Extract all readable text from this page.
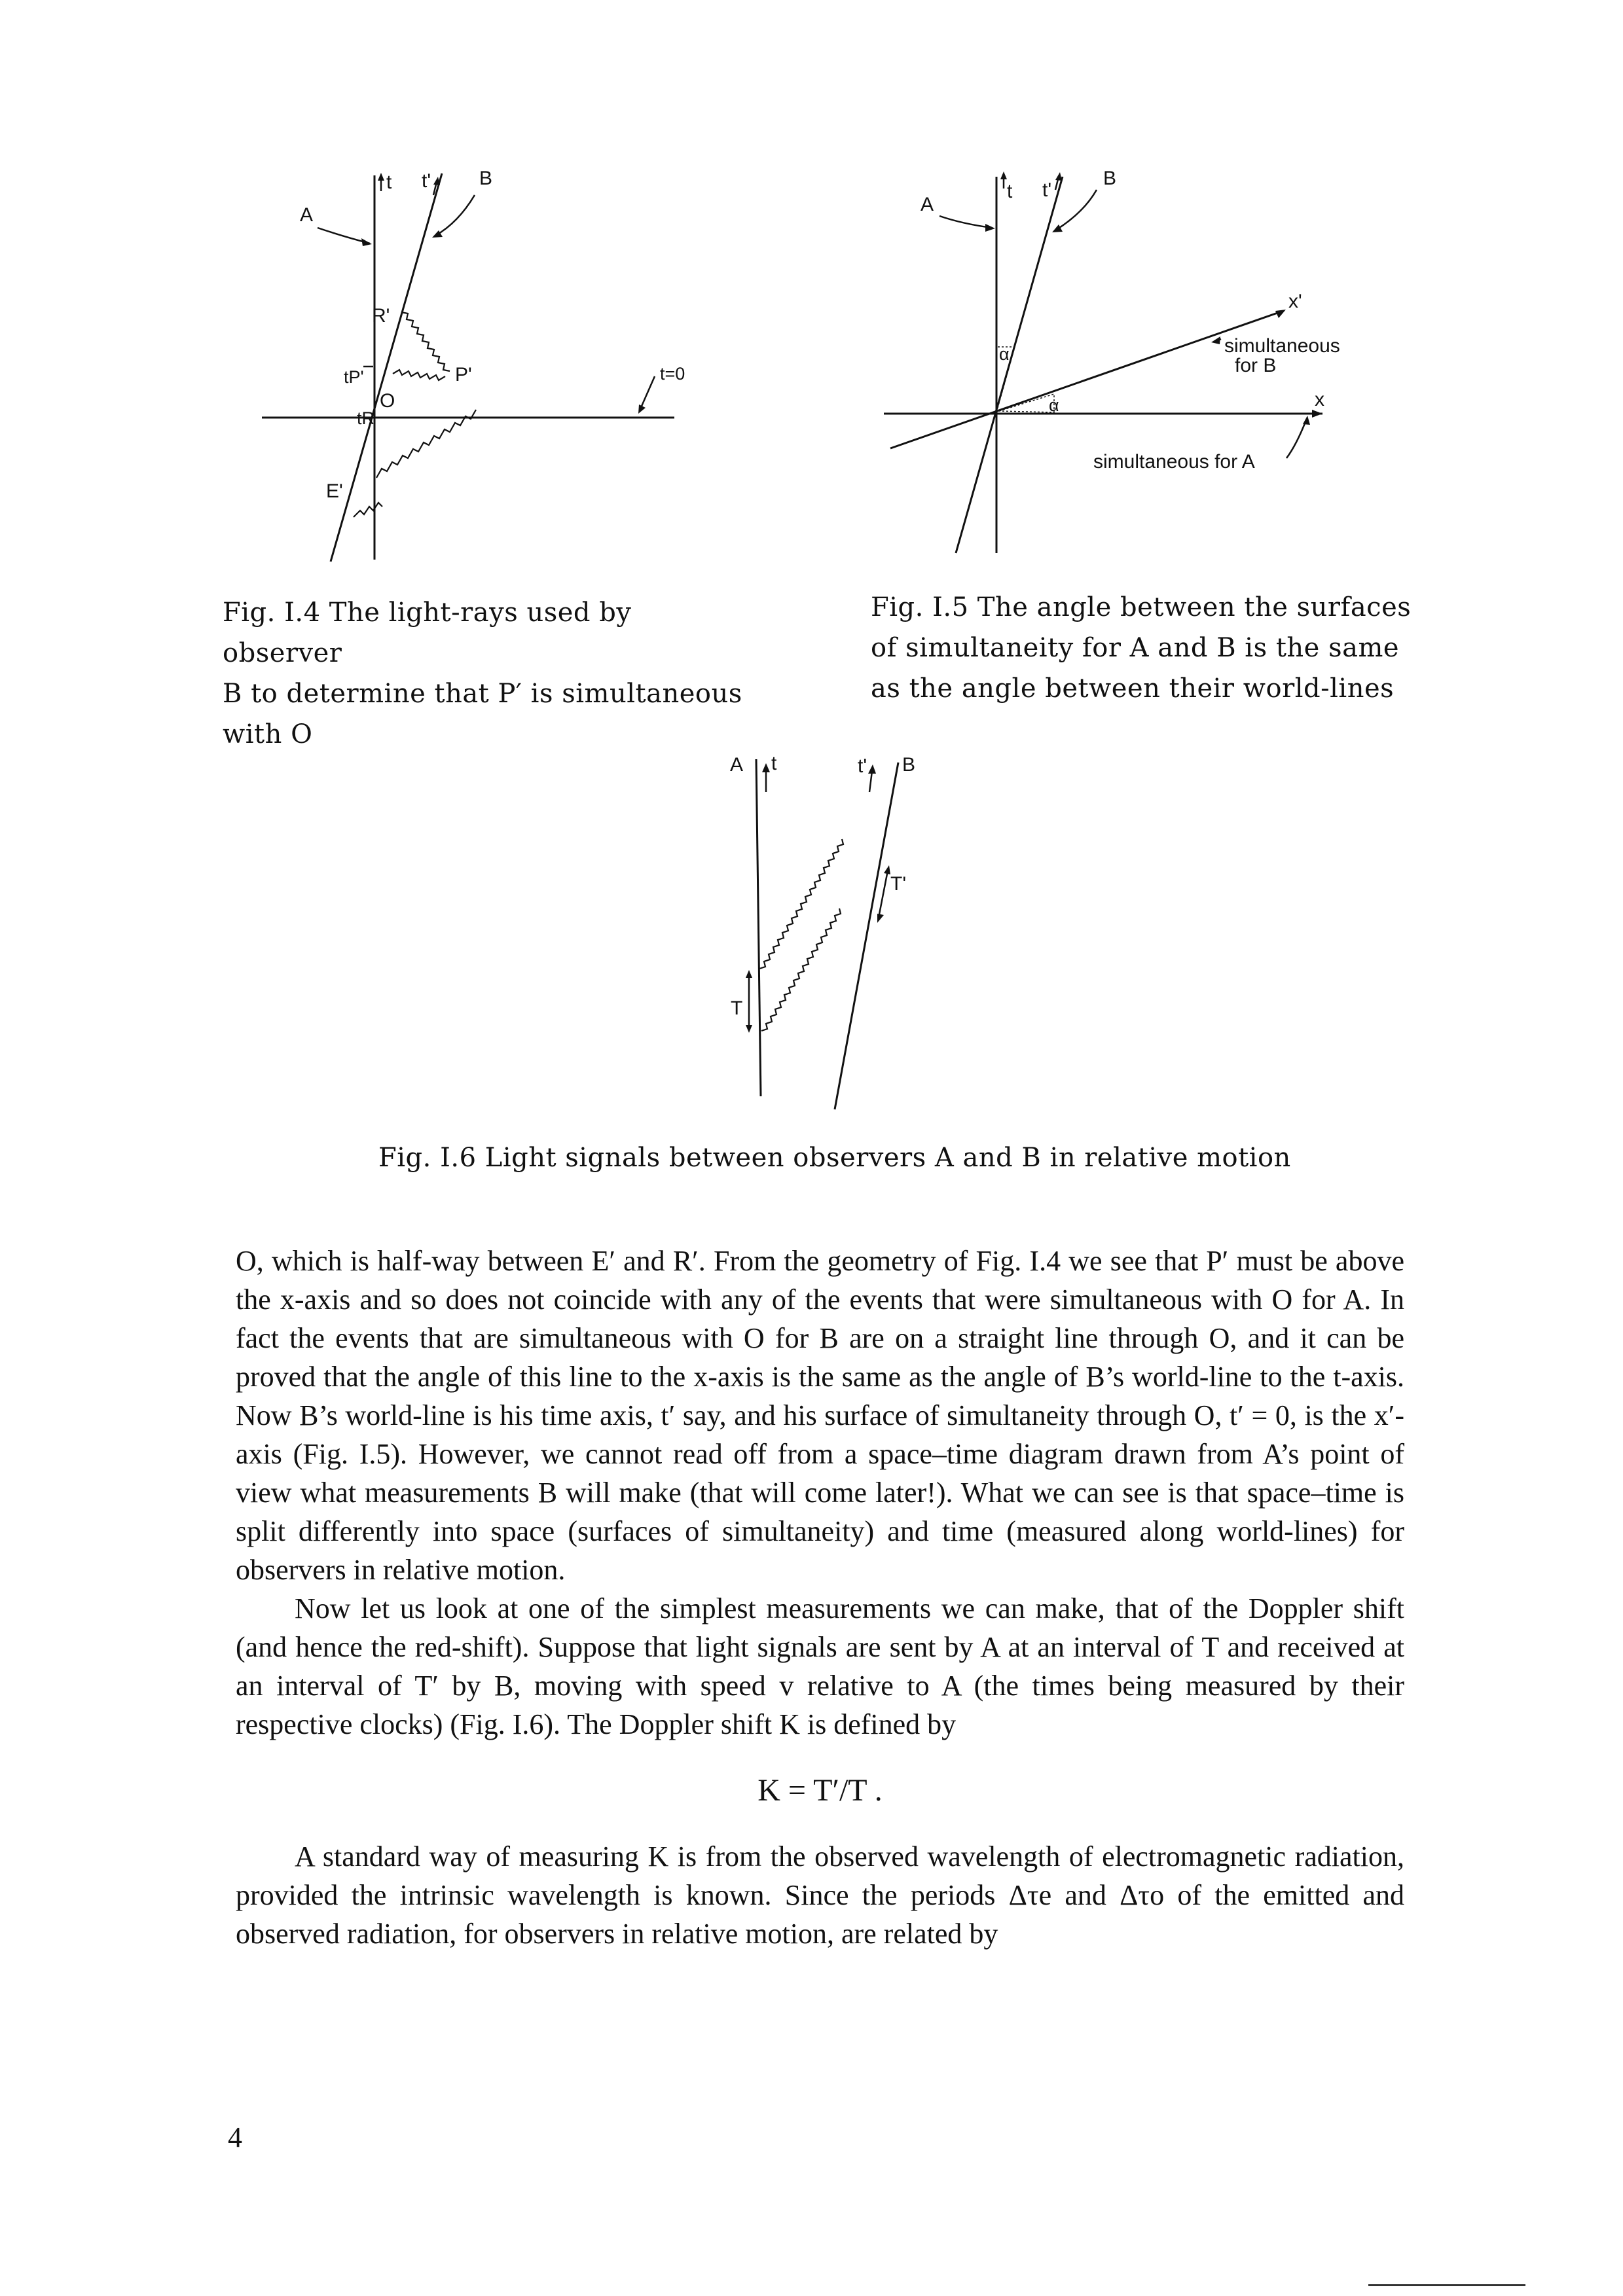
A
t t' B
R'
P'
tP'
O
tR
E'
t=0
Fig. I.4 The light-rays used by observer
B to determine that P′ is simultaneous
with O
A
t t'
B
x'
simultaneous
for B
x
simultaneous for A
α
α
Fig. I.5 The angle between the surfaces
of simultaneity for A and B is the same
as the angle between their world-lines
A t	t' B
T'
T
Fig. I.6 Light signals between observers A and B in relative motion

O, which is half-way between E′ and R′. From the geometry of Fig. I.4 we see that P′ must be above the x-axis and so does not coincide with any of the events that were simultaneous with O for A. In fact the events that are simultaneous with O for B are on a straight line through O, and it can be proved that the angle of this line to the x-axis is the same as the angle of B’s world-line to the t-axis. Now B’s world-line is his time axis, t′ say, and his surface of simultaneity through O, t′ = 0, is the x′-axis (Fig. I.5). However, we cannot read off from a space–time diagram drawn from A’s point of view what measurements B will make (that will come later!). What we can see is that space–time is split differently into space (surfaces of simultaneity) and time (measured along world-lines) for observers in relative motion.

Now let us look at one of the simplest measurements we can make, that of the Doppler shift (and hence the red-shift). Suppose that light signals are sent by A at an interval of T and received at an interval of T′ by B, moving with speed v relative to A (the times being measured by their respective clocks) (Fig. I.6). The Doppler shift K is defined by

K = T′/T .

A standard way of measuring K is from the observed wavelength of electromagnetic radiation, provided the intrinsic wavelength is known. Since the periods Δτe and Δτo of the emitted and observed radiation, for observers in relative motion, are related by

4
